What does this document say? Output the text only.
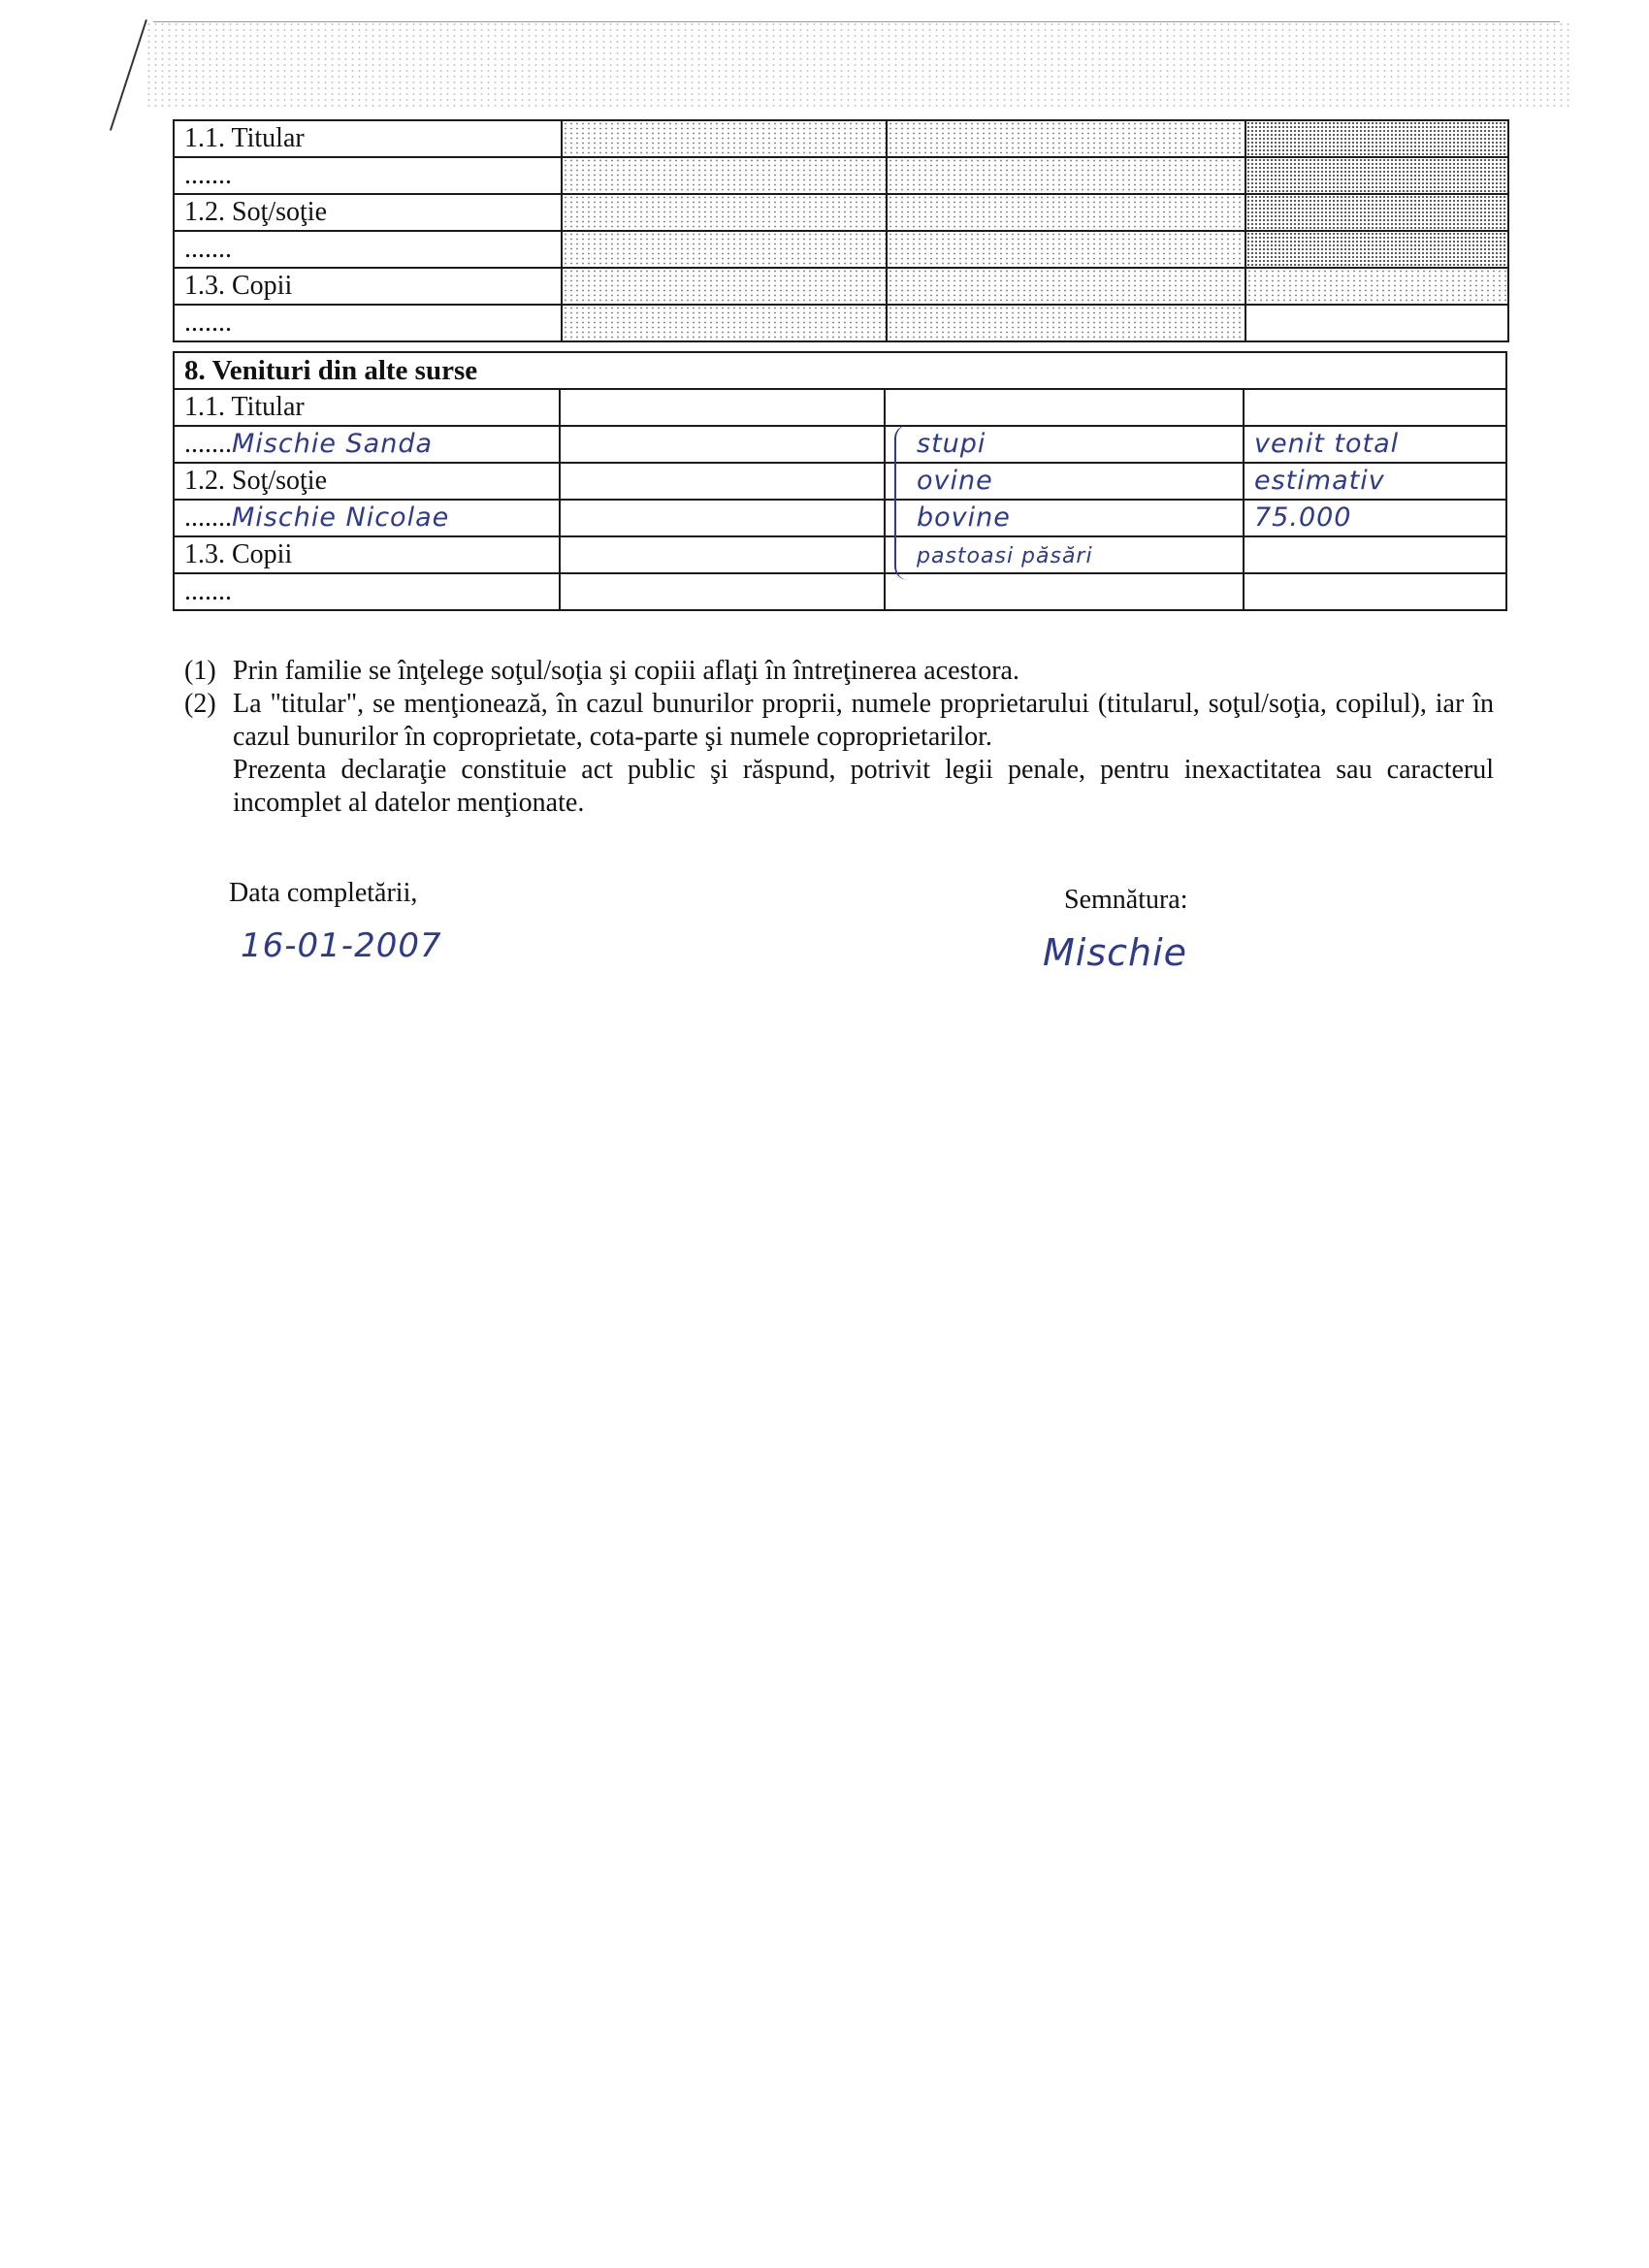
1.1. Titular			
.......			
1.2. Soţ/soţie			
.......			
1.3. Copii			
.......			
8. Venituri din alte surse			
1.1. Titular			
.......Mischie Sanda		stupi	venit total
1.2. Soţ/soţie		ovine	estimativ
.......Mischie Nicolae		bovine	75.000
1.3. Copii		pastoasi păsări	
.......			
(1) Prin familie se înţelege soţul/soţia şi copiii aflaţi în întreţinerea acestora.
(2) La "titular", se menţionează, în cazul bunurilor proprii, numele proprietarului (titularul, soţul/soţia, copilul), iar în cazul bunurilor în coproprietate, cota-parte şi numele coproprietarilor.
Prezenta declaraţie constituie act public şi răspund, potrivit legii penale, pentru inexactitatea sau caracterul incomplet al datelor menţionate.
Data completării,
16-01-2007
Semnătura:
Mischie
